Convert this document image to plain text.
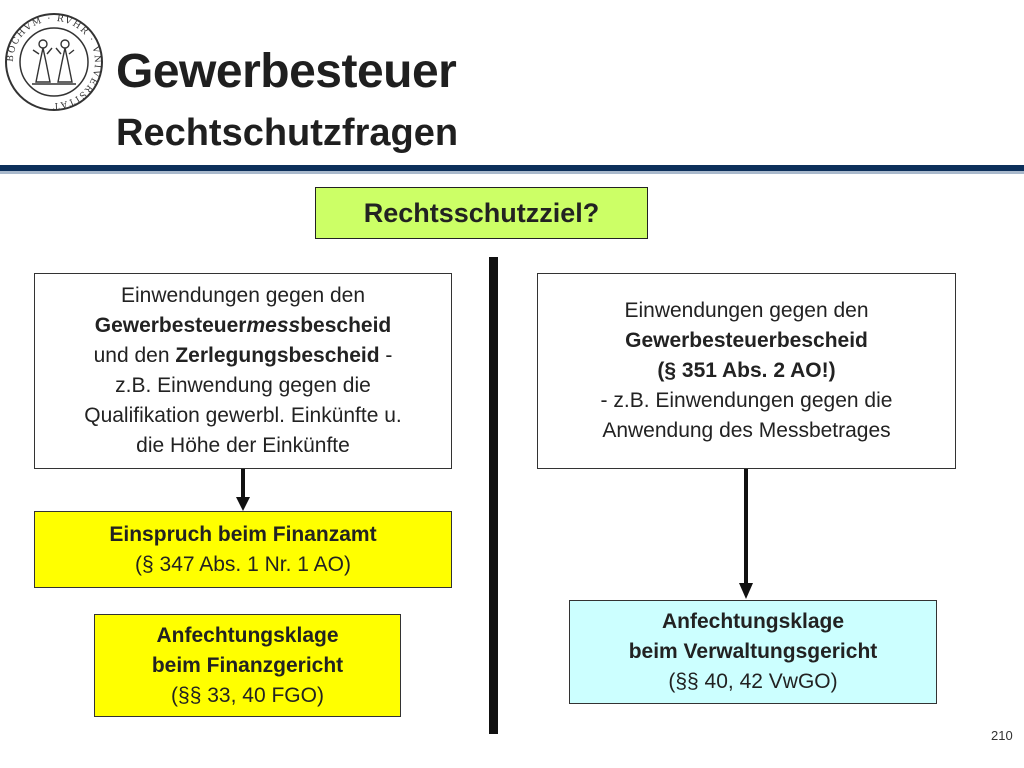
BOCHVM · RVHR · VNIVERSITAT
Gewerbesteuer
Rechtschutzfragen
Rechtsschutzziel?
Einwendungen gegen den
Gewerbesteuermessbescheid
und den Zerlegungsbescheid -
z.B. Einwendung gegen die
Qualifikation gewerbl. Einkünfte u.
die Höhe der Einkünfte
Einspruch beim Finanzamt
(§ 347 Abs. 1 Nr. 1 AO)
Anfechtungsklage
beim Finanzgericht
(§§ 33, 40 FGO)
Einwendungen gegen den
Gewerbesteuerbescheid
(§ 351 Abs. 2 AO!)
- z.B. Einwendungen gegen die
Anwendung des Messbetrages
Anfechtungsklage
beim Verwaltungsgericht
(§§ 40, 42 VwGO)
210
